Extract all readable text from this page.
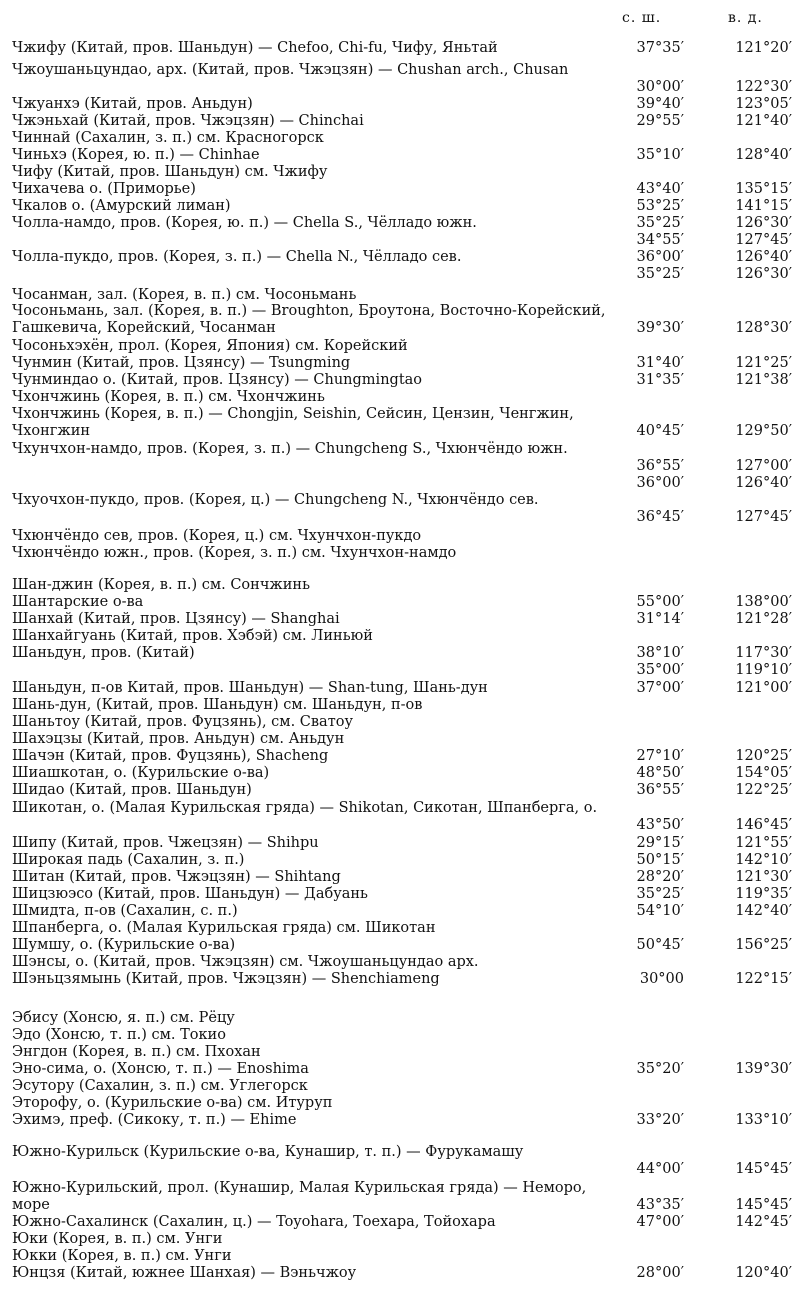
с. ш.	в. д.
Чжифу (Китай, пров. Шаньдун) — Chefoo, Chi-fu, Чифу, Яньтай	37°35′	121°20′
Чжоушаньцундао, арх. (Китай, пров. Чжэцзян) — Chushan arch., Chusan
30°00′	122°30′
Чжуанхэ (Китай, пров. Аньдун)	39°40′	123°05′
Чжэньхай (Китай, пров. Чжэцзян) — Chinchai	29°55′	121°40′
Чиннай (Сахалин, з. п.) см. Красногорск
Чиньхэ (Корея, ю. п.) — Chinhae	35°10′	128°40′
Чифу (Китай, пров. Шаньдун) см. Чжифу
Чихачева о. (Приморье)	43°40′	135°15′
Чкалов о. (Амурский лиман)	53°25′	141°15′
Чолла-намдо, пров. (Корея, ю. п.) — Chella S., Чёлладо южн.	35°25′	126°30′
34°55′	127°45′
Чолла-пукдо, пров. (Корея, з. п.) — Chella N., Чёлладо сев.	36°00′	126°40′
35°25′	126°30′
Чосанман, зал. (Корея, в. п.) см. Чосоньмань
Чосоньмань, зал. (Корея, в. п.) — Broughton, Броутона, Восточно-Корейский, Гашкевича, Корейский, Чосанман	39°30′	128°30′
Чосоньхэхён, прол. (Корея, Япония) см. Корейский
Чунмин (Китай, пров. Цзянсу) — Tsungming	31°40′	121°25′
Чунминдао о. (Китай, пров. Цзянсу) — Chungmingtao	31°35′	121°38′
Чхончжинь (Корея, в. п.) см. Чхончжинь
Чхончжинь (Корея, в. п.) — Chongjin, Seishin, Сейсин, Цензин, Ченгжин, Чхонгжин	40°45′	129°50′
Чхунчхон-намдо, пров. (Корея, з. п.) — Chungcheng S., Чхюнчёндо южн.
36°55′	127°00′
36°00′	126°40′
Чхуочхон-пукдо, пров. (Корея, ц.) — Chungcheng N., Чхюнчёндо сев.
36°45′	127°45′
Чхюнчёндо сев, пров. (Корея, ц.) см. Чхунчхон-пукдо
Чхюнчёндо южн., пров. (Корея, з. п.) см. Чхунчхон-намдо
Шан-джин (Корея, в. п.) см. Сончжинь
Шантарские о-ва	55°00′	138°00′
Шанхай (Китай, пров. Цзянсу) — Shanghai	31°14′	121°28′
Шанхайгуань (Китай, пров. Хэбэй) см. Линьюй
Шаньдун, пров. (Китай)	38°10′	117°30′
35°00′	119°10′
Шаньдун, п-ов Китай, пров. Шаньдун) — Shan-tung, Шань-дун	37°00′	121°00′
Шань-дун, (Китай, пров. Шаньдун) см. Шаньдун, п-ов
Шаньтоу (Китай, пров. Фуцзянь), см. Сватоу
Шахэцзы (Китай, пров. Аньдун) см. Аньдун
Шачэн (Китай, пров. Фуцзянь), Shacheng	27°10′	120°25′
Шиашкотан, о. (Курильские о-ва)	48°50′	154°05′
Шидао (Китай, пров. Шаньдун)	36°55′	122°25′
Шикотан, о. (Малая Курильская гряда) — Shikotan, Сикотан, Шпанберга, о.
43°50′	146°45′
Шипу (Китай, пров. Чжецзян) — Shihpu	29°15′	121°55′
Широкая падь (Сахалин, з. п.)	50°15′	142°10′
Шитан (Китай, пров. Чжэцзян) — Shihtang	28°20′	121°30′
Шицзюэсо (Китай, пров. Шаньдун) — Дабуань	35°25′	119°35′
Шмидта, п-ов (Сахалин, с. п.)	54°10′	142°40′
Шпанберга, о. (Малая Курильская гряда) см. Шикотан
Шумшу, о. (Курильские о-ва)	50°45′	156°25′
Шэнсы, о. (Китай, пров. Чжэцзян) см. Чжоушаньцундао арх.
Шэньцзямынь (Китай, пров. Чжэцзян) — Shenchiameng	30°00	122°15′
Эбису (Хонсю, я. п.) см. Рёцу
Эдо (Хонсю, т. п.) см. Токио
Энгдон (Корея, в. п.) см. Пхохан
Эно-сима, о. (Хонсю, т. п.) — Enoshima	35°20′	139°30′
Эсутору (Сахалин, з. п.) см. Углегорск
Эторофу, о. (Курильские о-ва) см. Итуруп
Эхимэ, преф. (Сикоку, т. п.) — Ehime	33°20′	133°10′
Южно-Курильск (Курильские о-ва, Кунашир, т. п.) — Фурукамашу
44°00′	145°45′
Южно-Курильский, прол. (Кунашир, Малая Курильская гряда) — Неморо, море	43°35′	145°45′
Южно-Сахалинск (Сахалин, ц.) — Toyohara, Тоехара, Тойохара	47°00′	142°45′
Юки (Корея, в. п.) см. Унги
Юкки (Корея, в. п.) см. Унги
Юнцзя (Китай, южнее Шанхая) — Вэньчжоу	28°00′	120°40′
